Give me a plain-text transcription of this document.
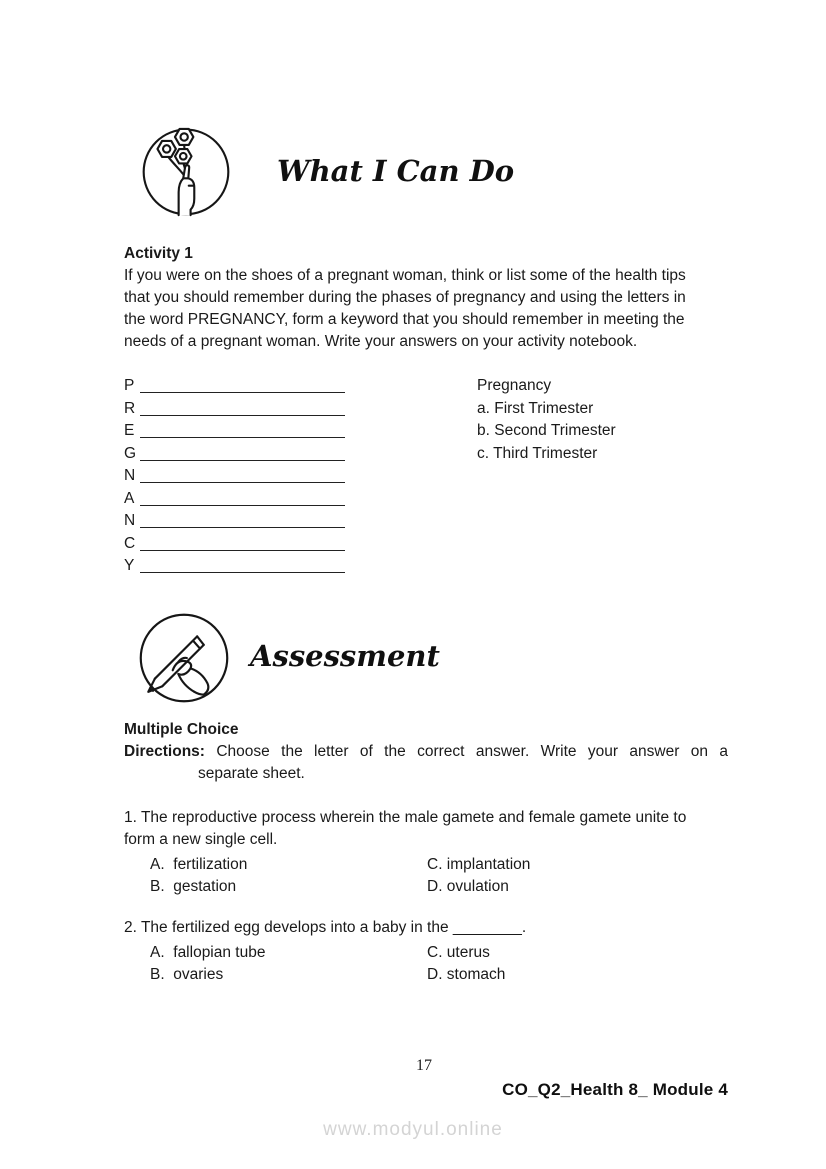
What I Can Do
Activity 1
If you were on the shoes of a pregnant woman, think or list some of the health tips
that you should remember during the phases of pregnancy and using the letters in
the word PREGNANCY, form a keyword that you should remember in meeting the
needs of a pregnant woman. Write your answers on your activity notebook.
P
R
E
G
N
A
N
C
Y
Pregnancy
a. First Trimester
b. Second Trimester
c. Third Trimester
Assessment
Multiple Choice
Directions: Choose the letter of the correct answer. Write your answer on a
separate sheet.
1. The reproductive process wherein the male gamete and female gamete unite to
form a new single cell.
A.  fertilization	C. implantation
B.  gestation	D. ovulation
2. The fertilized egg develops into a baby in the ________.
A.  fallopian tube	C. uterus
B.  ovaries	D. stomach
17
CO_Q2_Health 8_ Module 4
www.modyul.online
